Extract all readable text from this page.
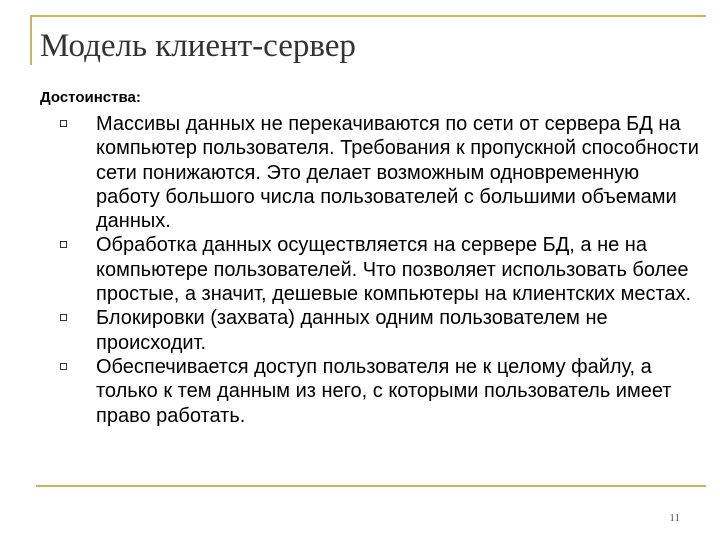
Модель клиент-сервер
Достоинства:
Массивы данных не перекачиваются по сети от сервера БД на компьютер пользователя. Требования к пропускной способности сети понижаются. Это делает возможным одновременную работу большого числа пользователей с большими объемами данных.
Обработка данных осуществляется на сервере БД, а не на компьютере пользователей. Что позволяет использовать более простые, а значит, дешевые компьютеры на клиентских местах.
Блокировки (захвата) данных одним пользователем не происходит.
Обеспечивается доступ пользователя не к целому файлу, а только к тем данным из него, с которыми пользователь имеет право работать.
11
